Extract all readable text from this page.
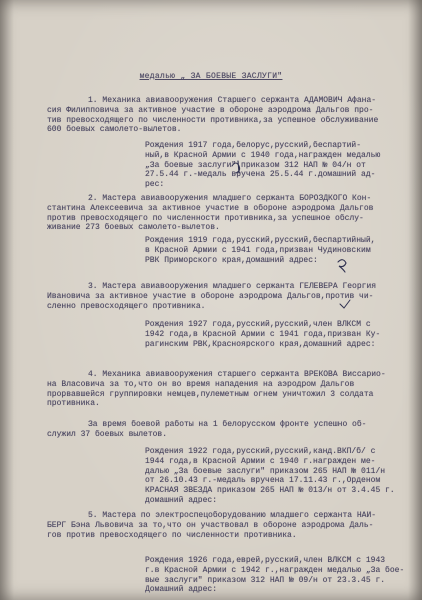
медалью „ ЗА БОЕВЫЕ ЗАСЛУГИ"
1. Механика авиавооружения Старшего сержанта АДАМОВИЧ Афана-
сия Филипповича за активное участие в обороне аэродрома Дальгов про-
тив превосходящего по численности противника,за успешное обслуживание
600 боевых самолето-вылетов.
Рождения 1917 года,белорус,русский,беспартий-
ный,в Красной Армии с 1940 года,награжден медалью
„За боевые заслуги" приказом 312 НАП № 04/н от
27.5.44 г.-медаль вручена 25.5.44 г.домашний ад-
рес:
2. Мастера авиавооружения младшего сержанта БОРОЗДКОГО Кон-
стантина Алексеевича за активное участие в обороне аэродрома Дальгов
против превосходящего по численности противника,за успешное обслу-
живание 273 боевых самолето-вылетов.
Рождения 1919 года,русский,русский,беспартийный,
в Красной Армии с 1941 года,призван Чудиновским
РВК Приморского края,домашний адрес:
3. Мастера авиавооружения младшего сержанта ГЕЛЕВЕРА Георгия
Ивановича за активное участие в обороне аэродрома Дальгов,против чи-
сленно превосходящего противника.
Рождения 1927 года,русский,русский,член ВЛКСМ с
1942 года,в Красной Армии с 1941 года,призван Ку-
рагинским РВК,Красноярского края,домашний адрес:
4. Механика авиавооружения старшего сержанта ВРЕКОВА Виссарио-
на Власовича за то,что он во время нападения на аэродром Дальгов
прорвавшейся группировки немцев,пулеметным огнем уничтожил 3 солдата
противника.
За время боевой работы на 1 белорусском фронте успешно об-
служил 37 боевых вылетов.
Рождения 1922 года,русский,русский,канд.ВКП/б/ с
1944 года,в Красной Армии с 1940 г.награжден ме-
далью „За боевые заслуги" приказом 265 НАП № 011/н
от 26.10.43 г.-медаль вручена 17.11.43 г.,Орденом
КРАСНАЯ ЗВЕЗДА приказом 265 НАП № 013/н от 3.4.45 г.
домашний адрес:
5. Мастера по электроспецоборудованию младшего сержанта НАЙ-
БЕРГ Бэна Львовича за то,что он участвовал в обороне аэродрома Даль-
гов против превосходящего по численности противника.
Рождения 1926 года,еврей,русский,член ВЛКСМ с 1943
г.в Красной Армии с 1942 г.,награжден медалью „За бое-
вые заслуги" приказом 312 НАП № 09/н от 23.3.45 г.
Домашний адрес:
